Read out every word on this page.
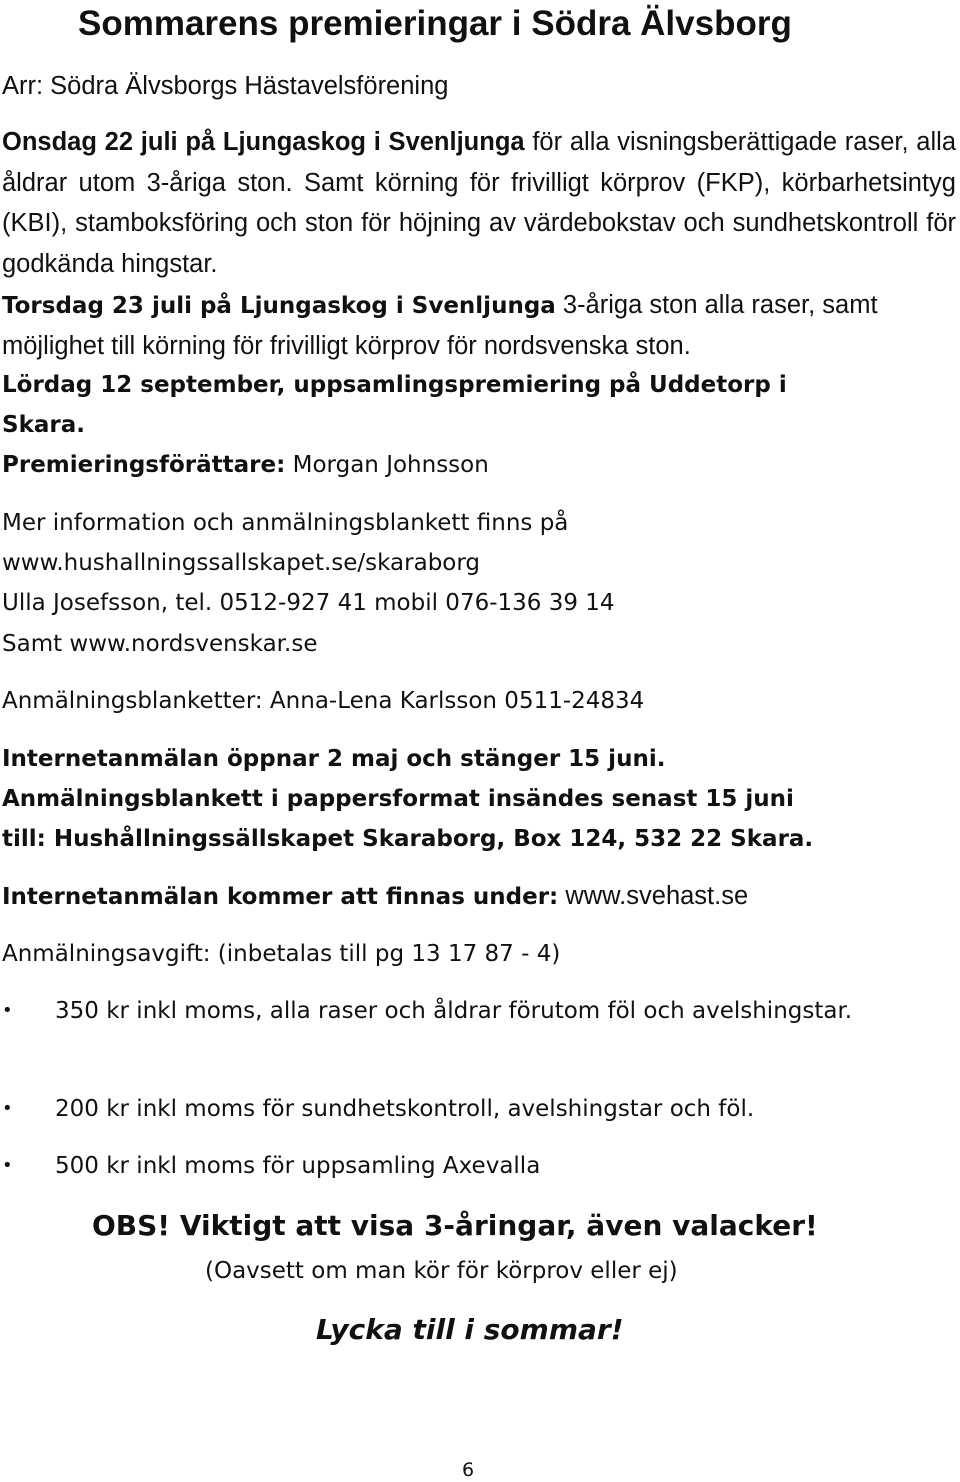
Sommarens premieringar i Södra Älvsborg
Arr: Södra Älvsborgs Hästavelsförening
Onsdag 22 juli på Ljungaskog i Svenljunga för alla visningsberättigade raser, alla åldrar utom 3-åriga ston. Samt körning för frivilligt körprov (FKP), körbarhetsintyg (KBI), stamboksföring och ston för höjning av värdebokstav och sundhetskontroll för godkända hingstar.
Torsdag 23 juli på Ljungaskog i Svenljunga 3-åriga ston alla raser, samt möjlighet till körning för frivilligt körprov för nordsvenska ston.
Lördag 12 september, uppsamlingspremiering på Uddetorp i
Skara.
Premieringsförättare: Morgan Johnsson
Mer information och anmälningsblankett finns på
www.hushallningssallskapet.se/skaraborg
Ulla Josefsson, tel. 0512-927 41 mobil 076-136 39 14
Samt www.nordsvenskar.se
Anmälningsblanketter: Anna-Lena Karlsson 0511-24834
Internetanmälan öppnar 2 maj och stänger 15 juni.
Anmälningsblankett i pappersformat insändes senast 15 juni
till: Hushållningssällskapet Skaraborg, Box 124, 532 22 Skara.
Internetanmälan kommer att finnas under: www.svehast.se
Anmälningsavgift: (inbetalas till pg 13 17 87 - 4)
• 350 kr inkl moms, alla raser och åldrar förutom föl och avelshingstar.
• 200 kr inkl moms för sundhetskontroll, avelshingstar och föl.
• 500 kr inkl moms för uppsamling Axevalla
OBS! Viktigt att visa 3-åringar, även valacker!
(Oavsett om man kör för körprov eller ej)
Lycka till i sommar!
6
